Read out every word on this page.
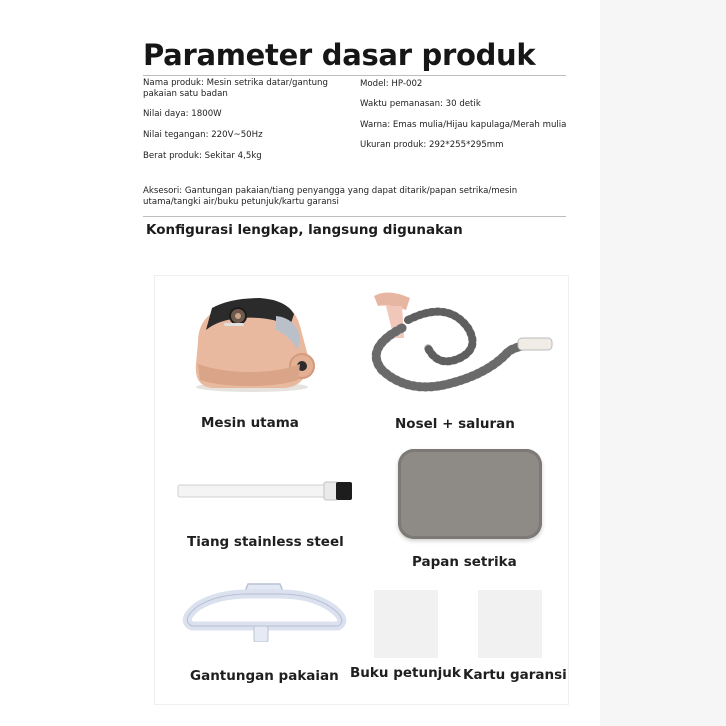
Parameter dasar produk
Nama produk: Mesin setrika datar/gantung pakaian satu badan
Nilai daya: 1800W
Nilai tegangan: 220V~50Hz
Berat produk: Sekitar 4,5kg
Model: HP-002
Waktu pemanasan: 30 detik
Warna: Emas mulia/Hijau kapulaga/Merah mulia
Ukuran produk: 292*255*295mm
Aksesori: Gantungan pakaian/tiang penyangga yang dapat ditarik/papan setrika/mesin utama/tangki air/buku petunjuk/kartu garansi
Konfigurasi lengkap, langsung digunakan
Mesin utama	Nosel + saluran
Tiang stainless steel
Papan setrika
Gantungan pakaian Buku petunjuk Kartu garansi
